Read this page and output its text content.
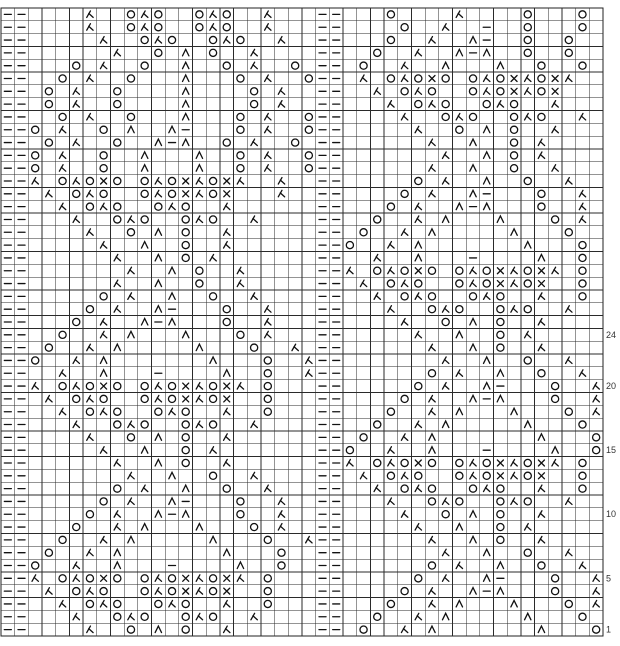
24
20
15
10
5
1
